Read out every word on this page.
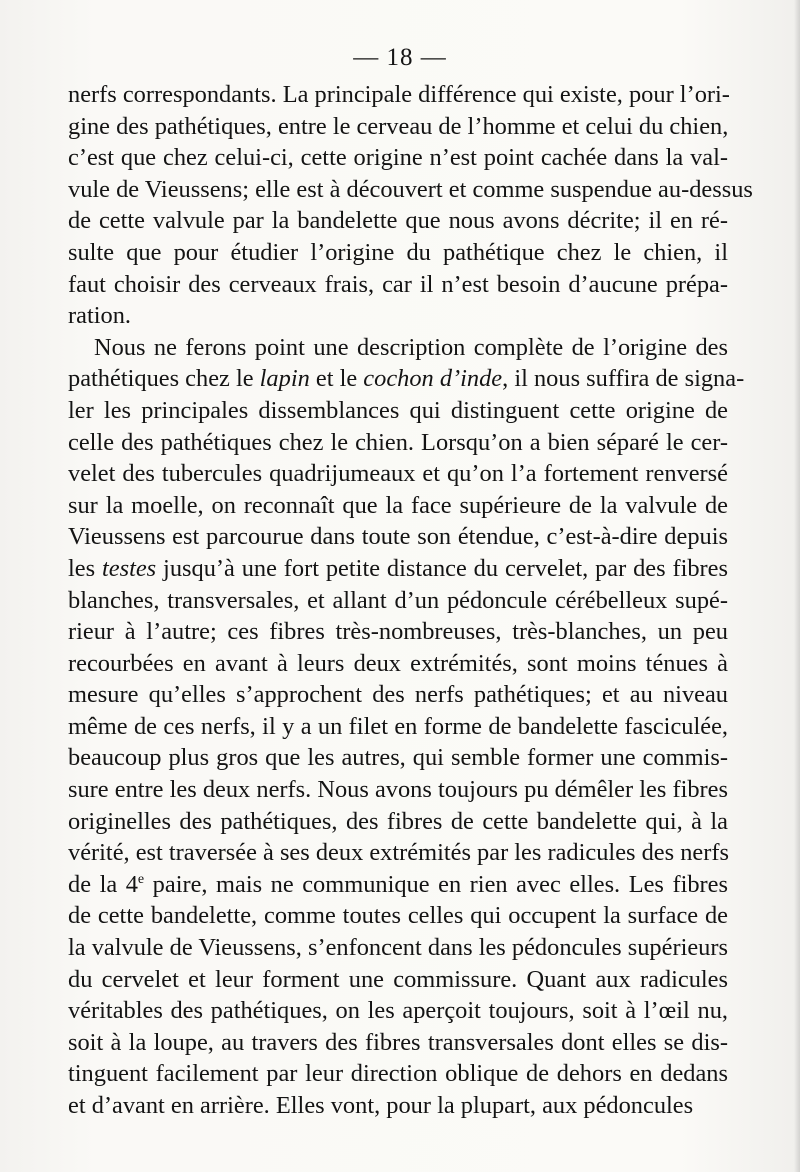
— 18 —
nerfs correspondants. La principale différence qui existe, pour l’ori-
gine des pathétiques, entre le cerveau de l’homme et celui du chien,
c’est que chez celui-ci, cette origine n’est point cachée dans la val-
vule de Vieussens; elle est à découvert et comme suspendue au-dessus
de cette valvule par la bandelette que nous avons décrite; il en ré-
sulte que pour étudier l’origine du pathétique chez le chien, il
faut choisir des cerveaux frais, car il n’est besoin d’aucune prépa-
ration.
Nous ne ferons point une description complète de l’origine des
pathétiques chez le lapin et le cochon d’inde, il nous suffira de signa-
ler les principales dissemblances qui distinguent cette origine de
celle des pathétiques chez le chien. Lorsqu’on a bien séparé le cer-
velet des tubercules quadrijumeaux et qu’on l’a fortement renversé
sur la moelle, on reconnaît que la face supérieure de la valvule de
Vieussens est parcourue dans toute son étendue, c’est-à-dire depuis
les testes jusqu’à une fort petite distance du cervelet, par des fibres
blanches, transversales, et allant d’un pédoncule cérébelleux supé-
rieur à l’autre; ces fibres très-nombreuses, très-blanches, un peu
recourbées en avant à leurs deux extrémités, sont moins ténues à
mesure qu’elles s’approchent des nerfs pathétiques; et au niveau
même de ces nerfs, il y a un filet en forme de bandelette fasciculée,
beaucoup plus gros que les autres, qui semble former une commis-
sure entre les deux nerfs. Nous avons toujours pu démêler les fibres
originelles des pathétiques, des fibres de cette bandelette qui, à la
vérité, est traversée à ses deux extrémités par les radicules des nerfs
de la 4e paire, mais ne communique en rien avec elles. Les fibres
de cette bandelette, comme toutes celles qui occupent la surface de
la valvule de Vieussens, s’enfoncent dans les pédoncules supérieurs
du cervelet et leur forment une commissure. Quant aux radicules
véritables des pathétiques, on les aperçoit toujours, soit à l’œil nu,
soit à la loupe, au travers des fibres transversales dont elles se dis-
tinguent facilement par leur direction oblique de dehors en dedans
et d’avant en arrière. Elles vont, pour la plupart, aux pédoncules
